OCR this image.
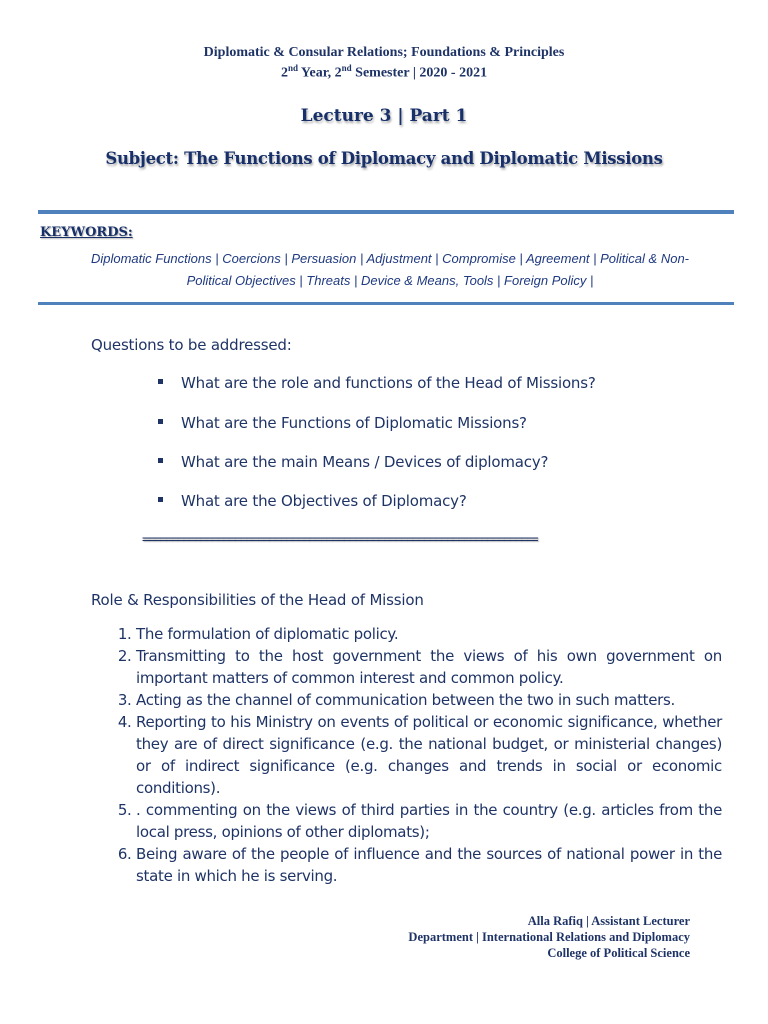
Diplomatic & Consular Relations; Foundations & Principles
2nd Year, 2nd Semester | 2020 - 2021
Lecture 3 | Part 1
Subject: The Functions of Diplomacy and Diplomatic Missions
KEYWORDS:
Diplomatic Functions | Coercions | Persuasion | Adjustment | Compromise | Agreement | Political & Non-
Political Objectives | Threats | Device & Means, Tools | Foreign Policy |
Questions to be addressed:
What are the role and functions of the Head of Missions?
What are the Functions of Diplomatic Missions?
What are the main Means / Devices of diplomacy?
What are the Objectives of Diplomacy?
=====================================================================
Role & Responsibilities of the Head of Mission
1. The formulation of diplomatic policy.
2. Transmitting to the host government the views of his own government on important matters of common interest and common policy.
3. Acting as the channel of communication between the two in such matters.
4. Reporting to his Ministry on events of political or economic significance, whether they are of direct significance (e.g. the national budget, or ministerial changes) or of indirect significance (e.g. changes and trends in social or economic conditions).
5. . commenting on the views of third parties in the country (e.g. articles from the local press, opinions of other diplomats);
6. Being aware of the people of influence and the sources of national power in the state in which he is serving.
Alla Rafiq | Assistant Lecturer
Department | International Relations and Diplomacy
College of Political Science
